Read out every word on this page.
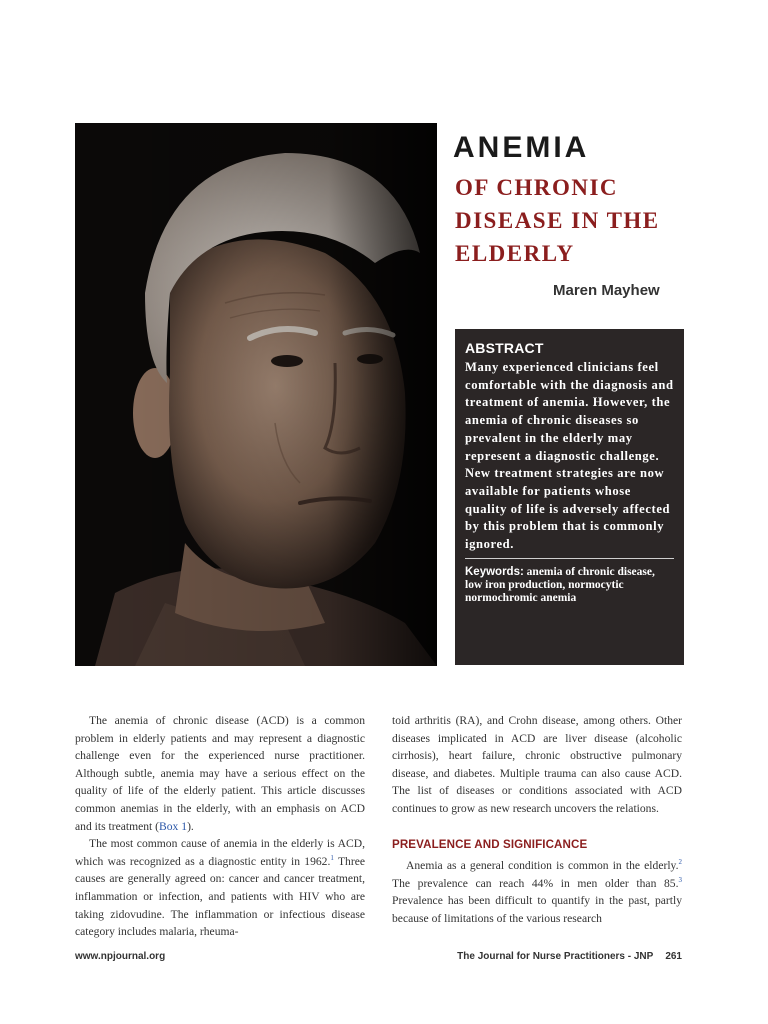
ANEMIA
OF CHRONIC
DISEASE IN THE
ELDERLY
Maren Mayhew
ABSTRACT

Many experienced clinicians feel comfortable with the diagnosis and treatment of anemia. However, the anemia of chronic diseases so prevalent in the elderly may represent a diagnostic challenge. New treatment strategies are now available for patients whose quality of life is adversely affected by this problem that is commonly ignored.

Keywords: anemia of chronic disease, low iron production, normocytic normochromic anemia

The anemia of chronic disease (ACD) is a common problem in elderly patients and may represent a diagnostic challenge even for the experienced nurse practitioner. Although subtle, anemia may have a serious effect on the quality of life of the elderly patient. This article discusses common anemias in the elderly, with an emphasis on ACD and its treatment (Box 1).

The most common cause of anemia in the elderly is ACD, which was recognized as a diagnostic entity in 1962.$^1$ Three causes are generally agreed on: cancer and cancer treatment, inflammation or infection, and patients with HIV who are taking zidovudine. The inflammation or infectious disease category includes malaria, rheuma-

toid arthritis (RA), and Crohn disease, among others. Other diseases implicated in ACD are liver disease (alcoholic cirrhosis), heart failure, chronic obstructive pulmonary disease, and diabetes. Multiple trauma can also cause ACD. The list of diseases or conditions associated with ACD continues to grow as new research uncovers the relations.

PREVALENCE AND SIGNIFICANCE

Anemia as a general condition is common in the elderly.$^2$ The prevalence can reach 44% in men older than 85.$^3$ Prevalence has been difficult to quantify in the past, partly because of limitations of the various research

www.npjournal.org	The Journal for Nurse Practitioners - JNP 261
